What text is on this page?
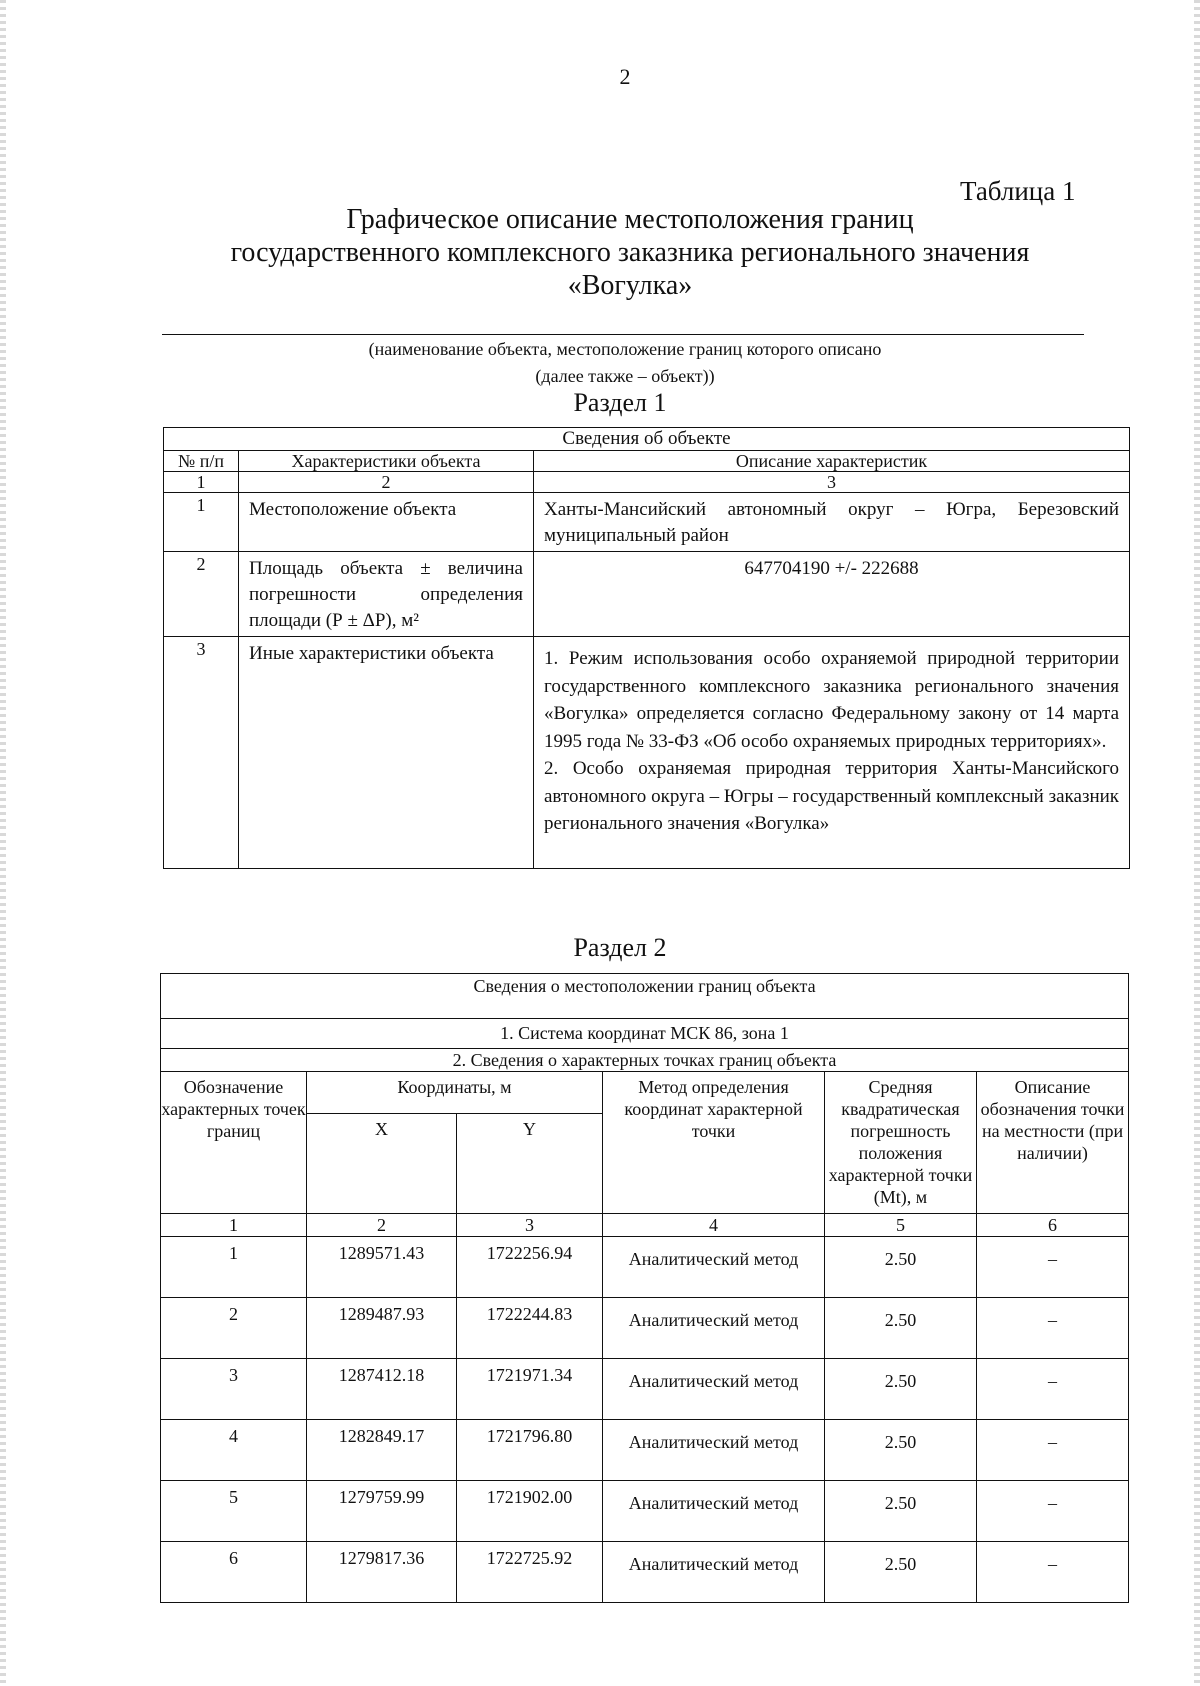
2
Таблица 1
Графическое описание местоположения границ
государственного комплексного заказника регионального значения
«Вогулка»
(наименование объекта, местоположение границ которого описано
(далее также – объект))
Раздел 1
Сведения об объекте		
№ п/п	Характеристики объекта	Описание характеристик
1	2	3
1	Местоположение объекта	Ханты-Мансийский автономный округ – Югра, Березовский муниципальный район
2	Площадь объекта ± величина погрешности определения площади (Р ± ΔР), м²	647704190 +/- 222688
3	Иные характеристики объекта	1. Режим использования особо охраняемой природной территории государственного комплексного заказника регионального значения «Вогулка» определяется согласно Федеральному закону от 14 марта 1995 года № 33-ФЗ «Об особо охраняемых природных территориях».
2. Особо охраняемая природная территория Ханты-Мансийского автономного округа – Югры – государственный комплексный заказник регионального значения «Вогулка»
Раздел 2
Сведения о местоположении границ объекта					
1. Система координат МСК 86, зона 1					
2. Сведения о характерных точках границ объекта					
Обозначение характерных точек границ	Координаты, м		Метод определения координат характерной точки	Средняя квадратическая погрешность положения характерной точки (Mt), м	Описание обозначения точки на местности (при наличии)
	X	Y			
1	2	3	4	5	6
1	1289571.43	1722256.94	Аналитический метод	2.50	–
2	1289487.93	1722244.83	Аналитический метод	2.50	–
3	1287412.18	1721971.34	Аналитический метод	2.50	–
4	1282849.17	1721796.80	Аналитический метод	2.50	–
5	1279759.99	1721902.00	Аналитический метод	2.50	–
6	1279817.36	1722725.92	Аналитический метод	2.50	–
